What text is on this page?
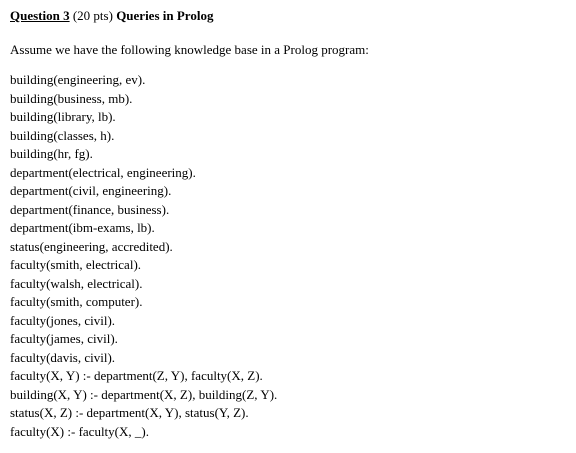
Question 3 (20 pts) Queries in Prolog

Assume we have the following knowledge base in a Prolog program:
building(engineering, ev).
building(business, mb).
building(library, lb).
building(classes, h).
building(hr, fg).
department(electrical, engineering).
department(civil, engineering).
department(finance, business).
department(ibm-exams, lb).
status(engineering, accredited).
faculty(smith, electrical).
faculty(walsh, electrical).
faculty(smith, computer).
faculty(jones, civil).
faculty(james, civil).
faculty(davis, civil).
faculty(X, Y) :- department(Z, Y), faculty(X, Z).
building(X, Y) :- department(X, Z), building(Z, Y).
status(X, Z) :- department(X, Y), status(Y, Z).
faculty(X) :- faculty(X, _).
